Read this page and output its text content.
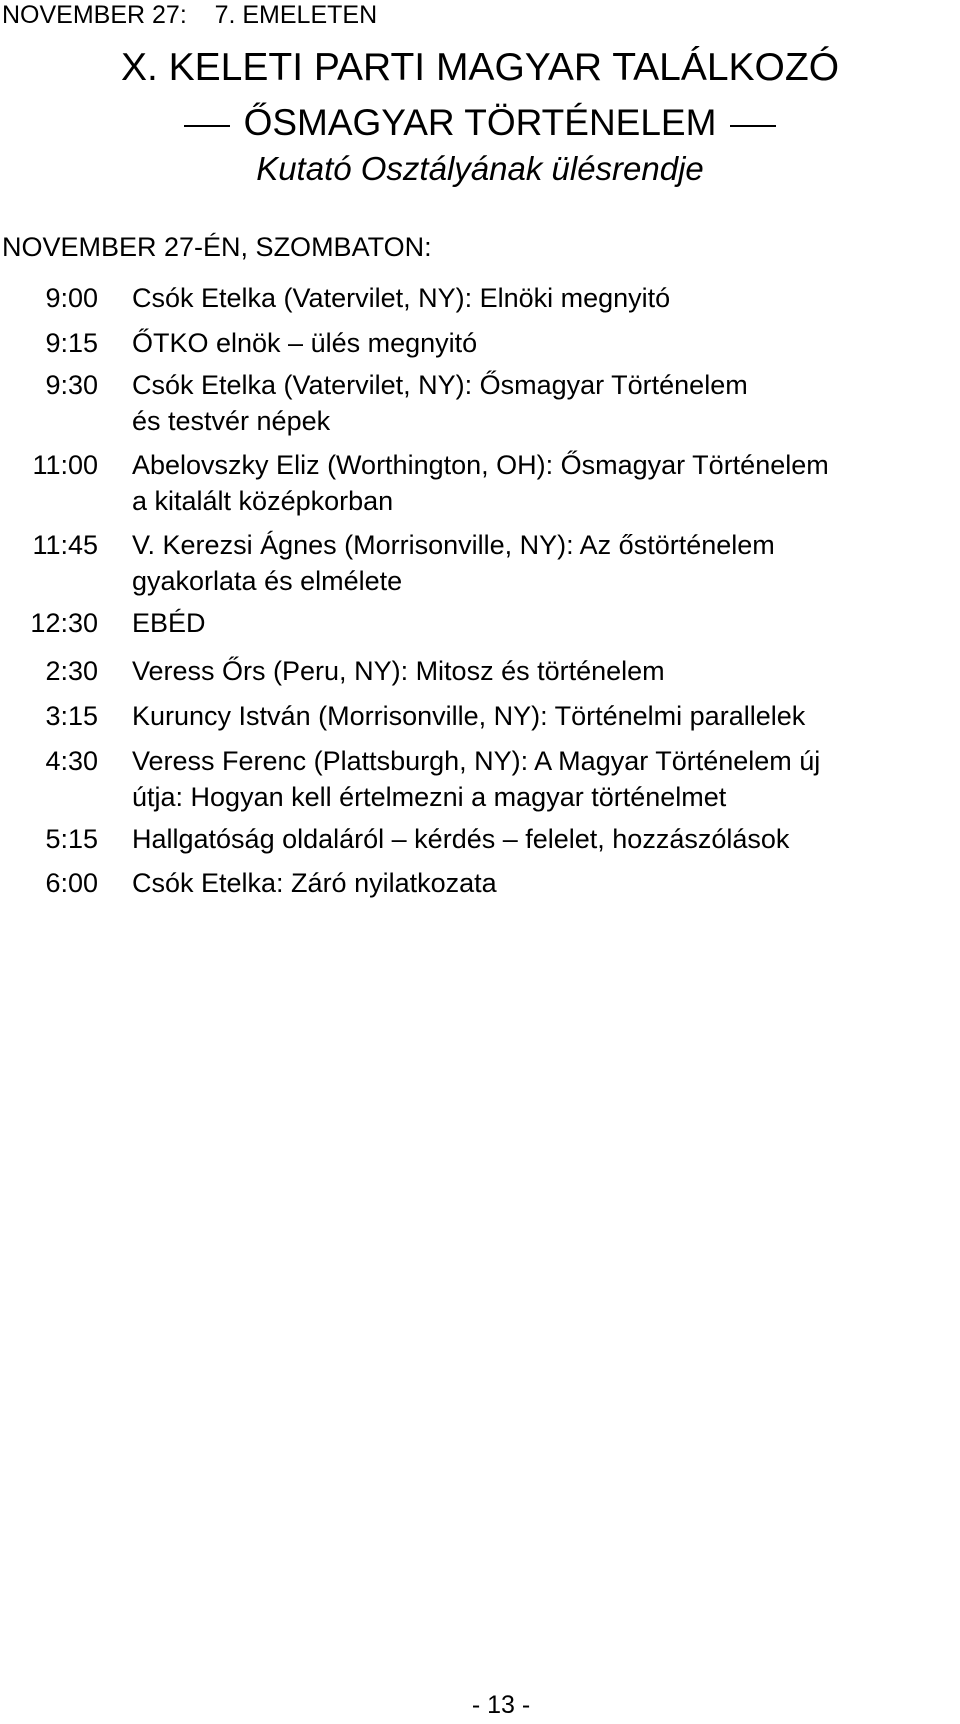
NOVEMBER 27: 7. EMELETEN
X. KELETI PARTI MAGYAR TALÁLKOZÓ
ŐSMAGYAR TÖRTÉNELEM
Kutató Osztályának ülésrendje
NOVEMBER 27-ÉN, SZOMBATON:
9:00 Csók Etelka (Vatervilet, NY): Elnöki megnyitó
9:15 ŐTKO elnök – ülés megnyitó
9:30 Csók Etelka (Vatervilet, NY): Ősmagyar Történelem
és testvér népek
11:00 Abelovszky Eliz (Worthington, OH): Ősmagyar Történelem
a kitalált középkorban
11:45 V. Kerezsi Ágnes (Morrisonville, NY): Az őstörténelem
gyakorlata és elmélete
12:30 EBÉD
2:30 Veress Őrs (Peru, NY): Mitosz és történelem
3:15 Kuruncy István (Morrisonville, NY): Történelmi parallelek
4:30 Veress Ferenc (Plattsburgh, NY): A Magyar Történelem új
útja: Hogyan kell értelmezni a magyar történelmet
5:15 Hallgatóság oldaláról – kérdés – felelet, hozzászólások
6:00 Csók Etelka: Záró nyilatkozata
- 13 -
